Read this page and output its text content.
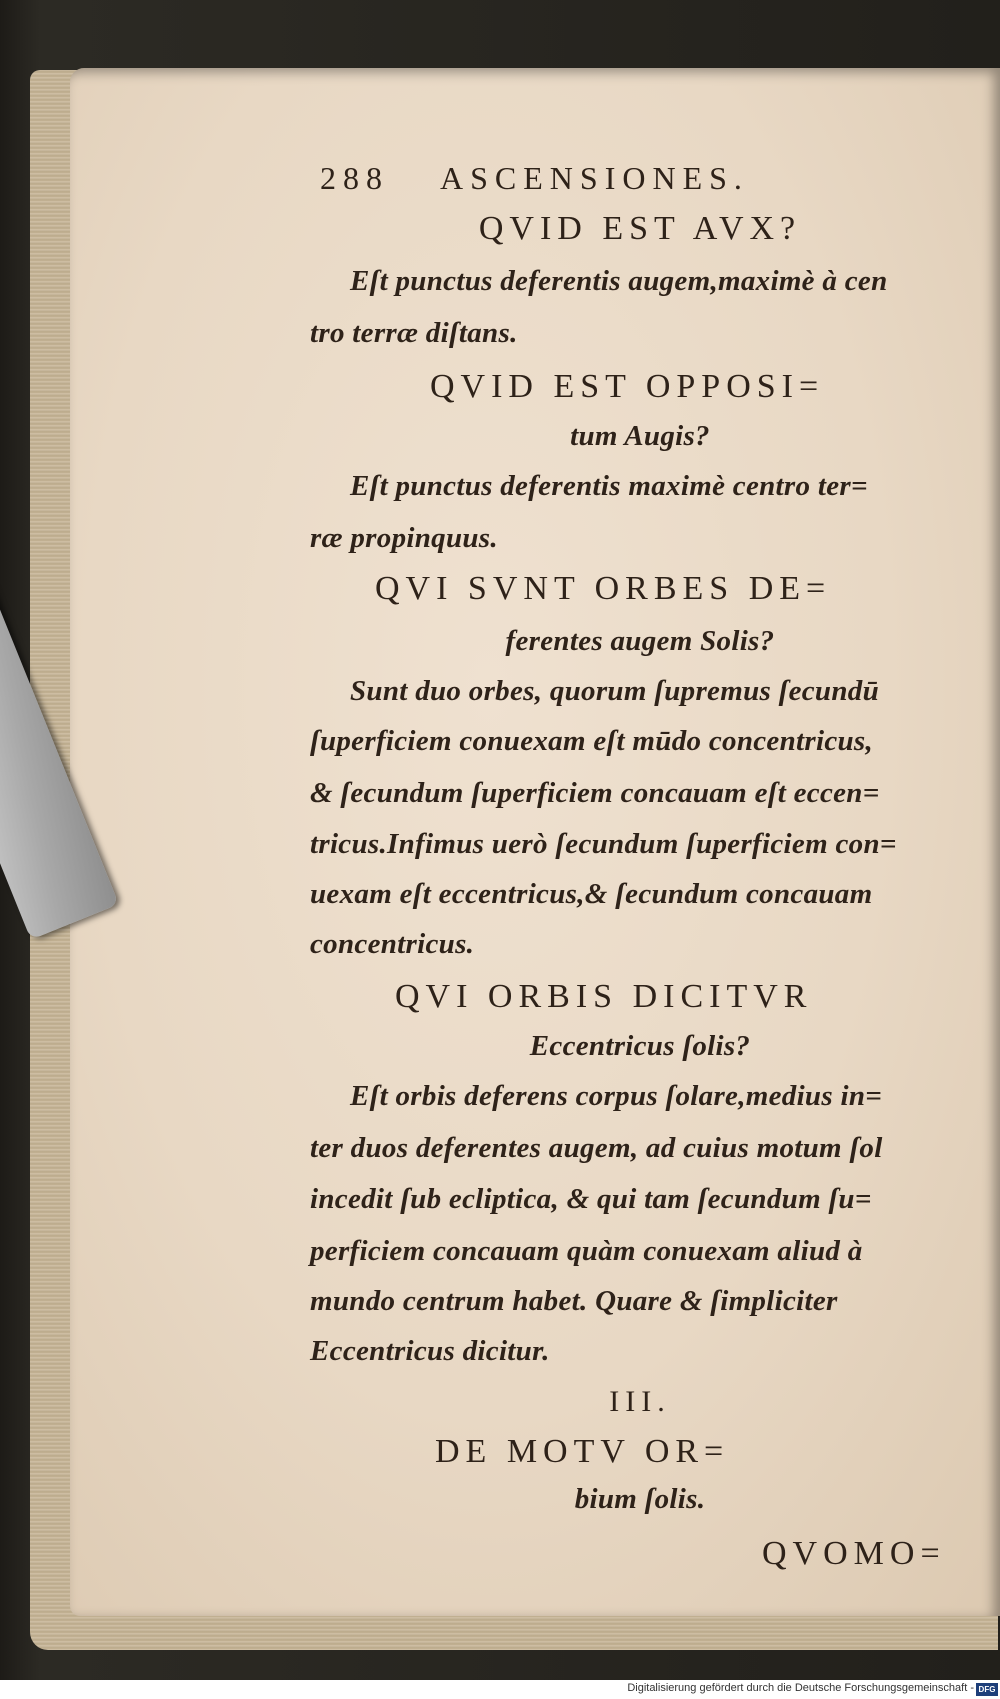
288 ASCENSIONES.
QVID EST AVX?
Eſt punctus deferentis augem,maximè à cen
tro terræ diſtans.
QVID EST OPPOSI=
tum Augis?
Eſt punctus deferentis maximè centro ter=
ræ propinquus.
QVI SVNT ORBES DE=
ferentes augem Solis?
Sunt duo orbes, quorum ſupremus ſecundū
ſuperficiem conuexam eſt mūdo concentricus,
& ſecundum ſuperficiem concauam eſt eccen=
tricus.Infimus uerò ſecundum ſuperficiem con=
uexam eſt eccentricus,& ſecundum concauam
concentricus.
QVI ORBIS DICITVR
Eccentricus ſolis?
Eſt orbis deferens corpus ſolare,medius in=
ter duos deferentes augem, ad cuius motum ſol
incedit ſub ecliptica, & qui tam ſecundum ſu=
perficiem concauam quàm conuexam aliud à
mundo centrum habet. Quare & ſimpliciter
Eccentricus dicitur.
III.
DE MOTV OR=
bium ſolis.
QVOMO=
Digitalisierung gefördert durch die Deutsche Forschungsgemeinschaft - DFG
